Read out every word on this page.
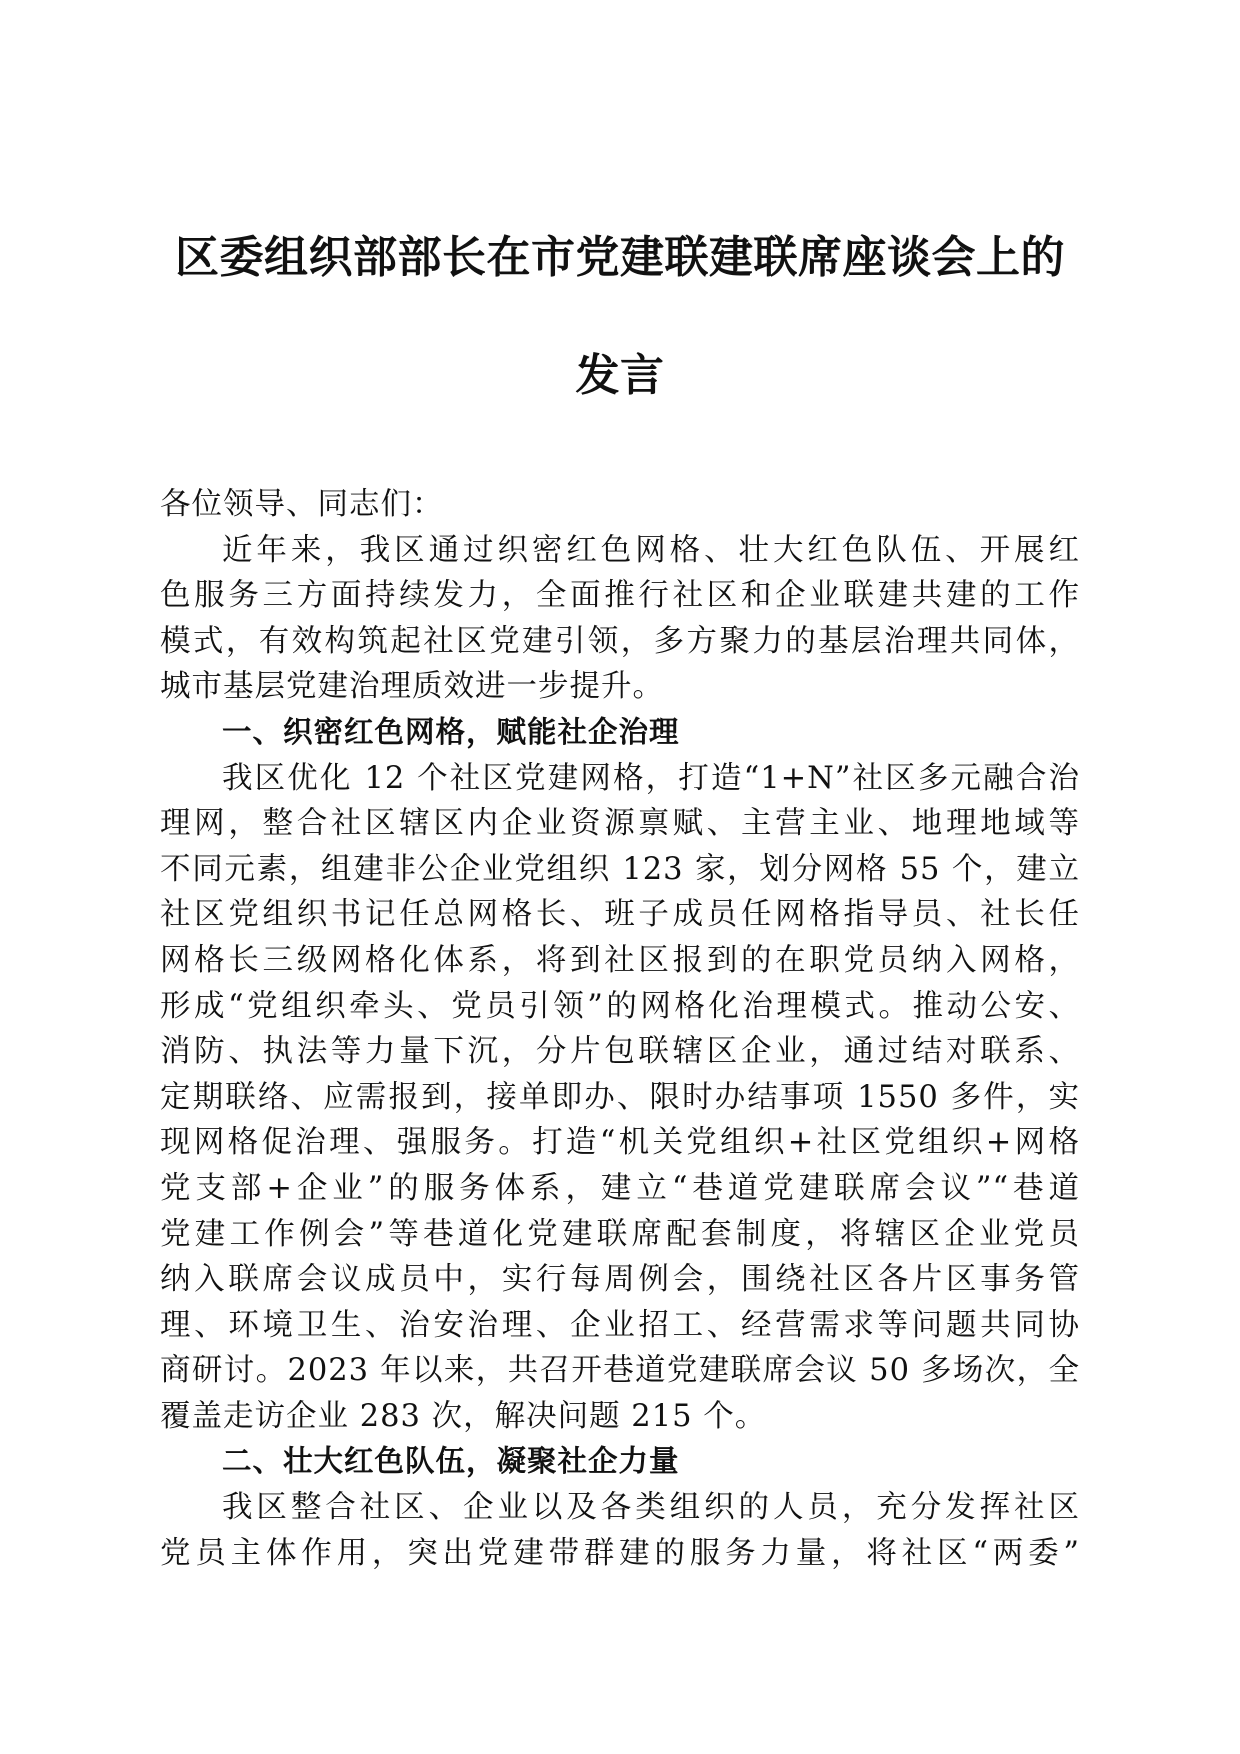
区委组织部部长在市党建联建联席座谈会上的
发言

各位领导、同志们：

近年来，我区通过织密红色网格、壮大红色队伍、开展红
色服务三方面持续发力，全面推行社区和企业联建共建的工作
模式，有效构筑起社区党建引领，多方聚力的基层治理共同体，
城市基层党建治理质效进一步提升。

一、织密红色网格，赋能社企治理

我区优化 12 个社区党建网格，打造“1+N”社区多元融合治
理网，整合社区辖区内企业资源禀赋、主营主业、地理地域等
不同元素，组建非公企业党组织 123 家，划分网格 55 个，建立
社区党组织书记任总网格长、班子成员任网格指导员、社长任
网格长三级网格化体系，将到社区报到的在职党员纳入网格，
形成“党组织牵头、党员引领”的网格化治理模式。推动公安、
消防、执法等力量下沉，分片包联辖区企业，通过结对联系、
定期联络、应需报到，接单即办、限时办结事项 1550 多件，实
现网格促治理、强服务。打造“机关党组织+社区党组织+网格
党支部+企业”的服务体系，建立“巷道党建联席会议”“巷道
党建工作例会”等巷道化党建联席配套制度，将辖区企业党员
纳入联席会议成员中，实行每周例会，围绕社区各片区事务管
理、环境卫生、治安治理、企业招工、经营需求等问题共同协
商研讨。2023 年以来，共召开巷道党建联席会议 50 多场次，全
覆盖走访企业 283 次，解决问题 215 个。

二、壮大红色队伍，凝聚社企力量

我区整合社区、企业以及各类组织的人员，充分发挥社区
党员主体作用，突出党建带群建的服务力量，将社区“两委”
